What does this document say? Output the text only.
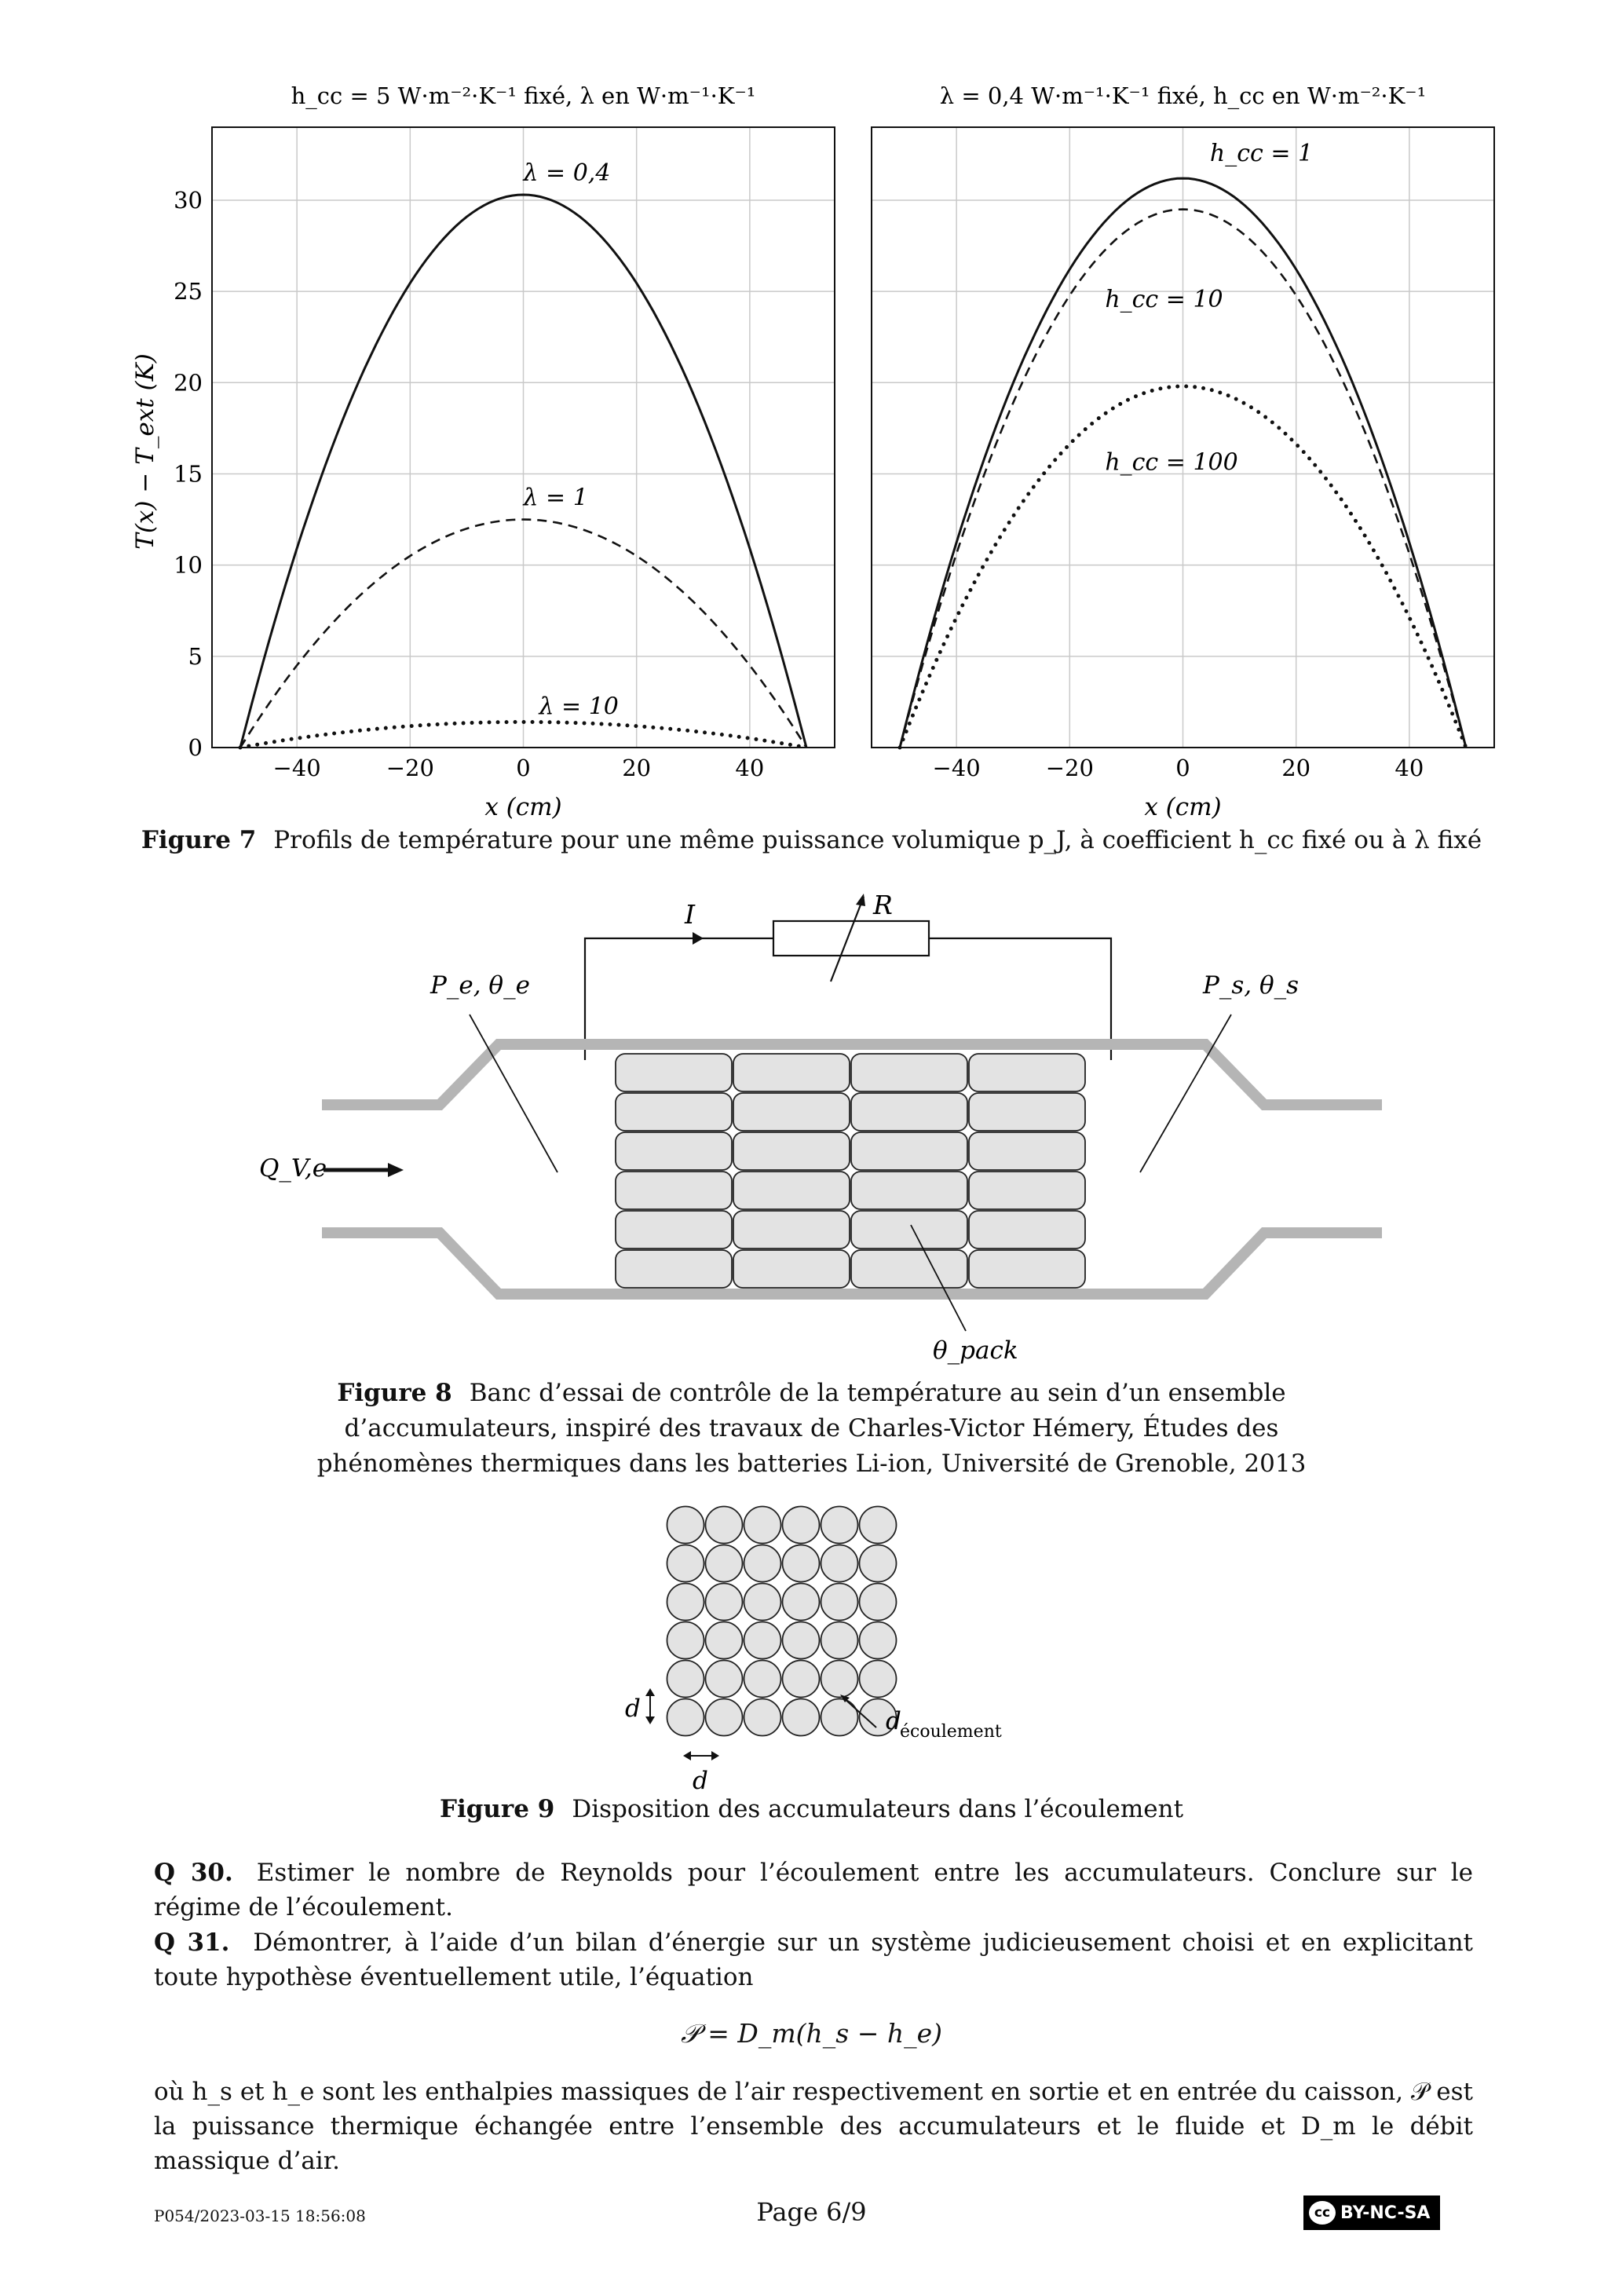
−40	−20	0	20	40
0
5
10
15
20
25
30
λ = 0,4
λ = 1
λ = 10
h_cc = 5 W·m⁻²·K⁻¹ fixé, λ en W·m⁻¹·K⁻¹
x (cm)
−40	−20	0	20	40
h_cc = 1
h_cc = 10
h_cc = 100
λ = 0,4 W·m⁻¹·K⁻¹ fixé, h_cc en W·m⁻²·K⁻¹
x (cm)
T(x) − T_ext (K)
Figure 7 Profils de température pour une même puissance volumique p_J, à coefficient h_cc fixé ou à λ fixé
I	R
P_e, θ_e	P_s, θ_s
Q_V,e
θ_pack
Figure 8 Banc d’essai de contrôle de la température au sein d’un ensemble
d’accumulateurs, inspiré des travaux de Charles-Victor Hémery, Études des
phénomènes thermiques dans les batteries Li-ion, Université de Grenoble, 2013
d
d
d
écoulement
Figure 9 Disposition des accumulateurs dans l’écoulement
Q 30. Estimer le nombre de Reynolds pour l’écoulement entre les accumulateurs. Conclure sur le régime de l’écoulement.
Q 31. Démontrer, à l’aide d’un bilan d’énergie sur un système judicieusement choisi et en explicitant toute hypothèse éventuellement utile, l’équation
𝒫 = D_m(h_s − h_e)
où h_s et h_e sont les enthalpies massiques de l’air respectivement en sortie et en entrée du caisson, 𝒫 est la puissance thermique échangée entre l’ensemble des accumulateurs et le fluide et D_m le débit massique d’air.
P054/2023-03-15 18:56:08	Page 6/9	cc BY-NC-SA
